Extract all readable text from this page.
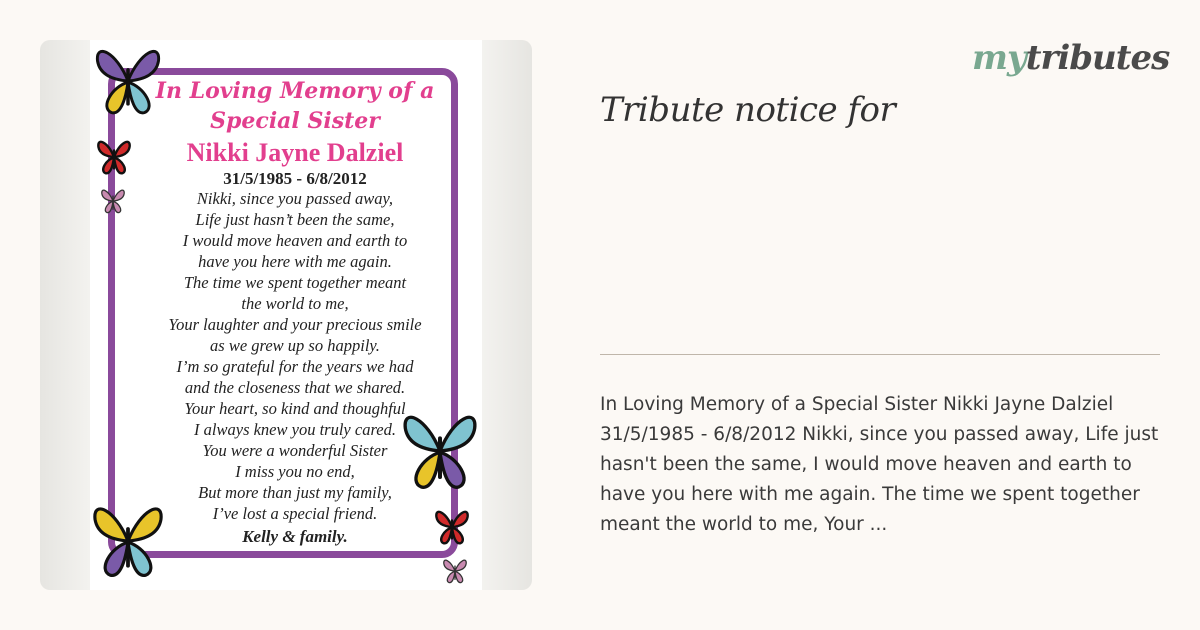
In Loving Memory of a
Special Sister
Nikki Jayne Dalziel
31/5/1985 - 6/8/2012
Nikki, since you passed away,
Life just hasn’t been the same,
I would move heaven and earth to
have you here with me again.
The time we spent together meant
the world to me,
Your laughter and your precious smile
as we grew up so happily.
I’m so grateful for the years we had
and the closeness that we shared.
Your heart, so kind and thoughful
I always knew you truly cared.
You were a wonderful Sister
I miss you no end,
But more than just my family,
I’ve lost a special friend.
Kelly & family.
mytributes
Tribute notice for
In Loving Memory of a Special Sister Nikki Jayne Dalziel 31/5/1985 - 6/8/2012 Nikki, since you passed away, Life just hasn't been the same, I would move heaven and earth to have you here with me again. The time we spent together meant the world to me, Your ...
